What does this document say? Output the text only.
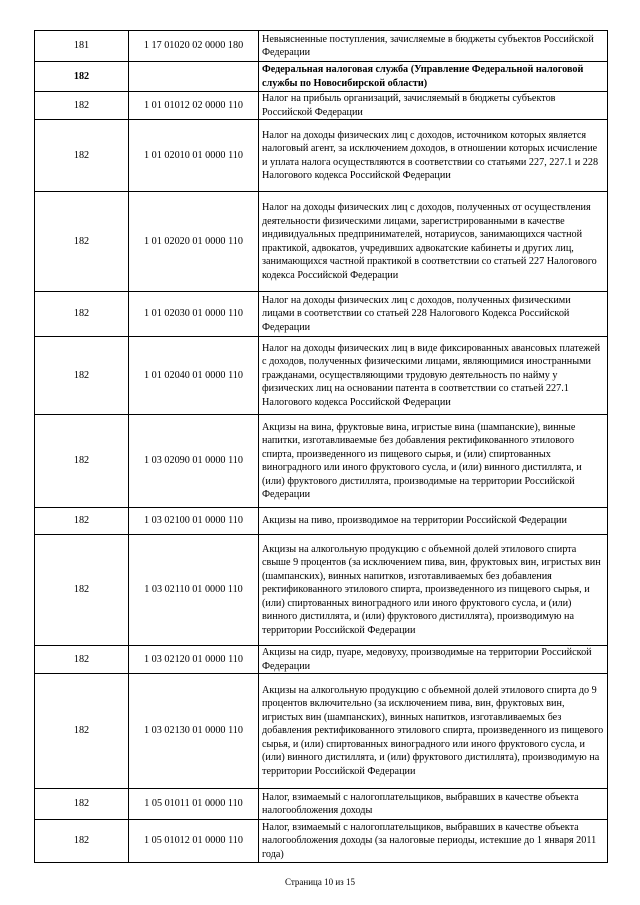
181	1 17 01020 02 0000 180	Невыясненные поступления, зачисляемые в бюджеты субъектов Российской Федерации
182		Федеральная налоговая служба (Управление Федеральной налоговой службы по Новосибирской области)
182	1 01 01012 02 0000 110	Налог на прибыль организаций, зачисляемый в бюджеты субъектов Российской Федерации
182	1 01 02010 01 0000 110	Налог на доходы физических лиц с доходов, источником которых является налоговый агент, за исключением доходов, в отношении которых исчисление и уплата налога осуществляются в соответствии со статьями 227, 227.1 и 228 Налогового кодекса Российской Федерации
182	1 01 02020 01 0000 110	Налог на доходы физических лиц с доходов, полученных от осуществления деятельности физическими лицами, зарегистрированными в качестве индивидуальных предпринимателей, нотариусов, занимающихся частной практикой, адвокатов, учредивших адвокатские кабинеты и других лиц, занимающихся частной практикой в соответствии со статьей 227 Налогового кодекса Российской Федерации
182	1 01 02030 01 0000 110	Налог на доходы физических лиц с доходов, полученных физическими лицами в соответствии со статьей 228 Налогового Кодекса Российской Федерации
182	1 01 02040 01 0000 110	Налог на доходы физических лиц в виде фиксированных авансовых платежей с доходов, полученных физическими лицами, являющимися иностранными гражданами, осуществляющими трудовую деятельность по найму у физических лиц на основании патента в соответствии со статьей 227.1 Налогового кодекса Российской Федерации
182	1 03 02090 01 0000 110	Акцизы на вина, фруктовые вина, игристые вина (шампанские), винные напитки, изготавливаемые без добавления ректификованного этилового спирта, произведенного из пищевого сырья, и (или) спиртованных виноградного или иного фруктового сусла, и (или) винного дистиллята, и (или) фруктового дистиллята, производимые на территории Российской Федерации
182	1 03 02100 01 0000 110	Акцизы на пиво, производимое на территории Российской Федерации
182	1 03 02110 01 0000 110	Акцизы на алкогольную продукцию с объемной долей этилового спирта свыше 9 процентов (за исключением пива, вин, фруктовых вин, игристых вин (шампанских), винных напитков, изготавливаемых без добавления ректификованного этилового спирта, произведенного из пищевого сырья, и (или) спиртованных виноградного или иного фруктового сусла, и (или) винного дистиллята, и (или) фруктового дистиллята), производимую на территории Российской Федерации
182	1 03 02120 01 0000 110	Акцизы на сидр, пуаре, медовуху, производимые на территории Российской Федерации
182	1 03 02130 01 0000 110	Акцизы на алкогольную продукцию с объемной долей этилового спирта до 9 процентов включительно (за исключением пива, вин, фруктовых вин, игристых вин (шампанских), винных напитков, изготавливаемых без добавления ректификованного этилового спирта, произведенного из пищевого сырья, и (или) спиртованных виноградного или иного фруктового сусла, и (или) винного дистиллята, и (или) фруктового дистиллята), производимую на территории Российской Федерации
182	1 05 01011 01 0000 110	Налог, взимаемый с налогоплательщиков, выбравших в качестве объекта налогообложения доходы
182	1 05 01012 01 0000 110	Налог, взимаемый с налогоплательщиков, выбравших в качестве объекта налогообложения доходы (за налоговые периоды, истекшие до 1 января 2011 года)
Страница 10 из 15
